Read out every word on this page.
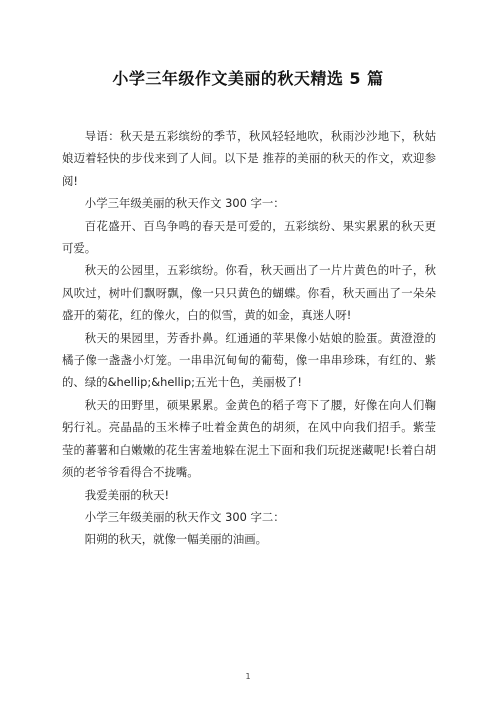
小学三年级作文美丽的秋天精选 5 篇

导语：秋天是五彩缤纷的季节，秋风轻轻地吹，秋雨沙沙地下，秋姑娘迈着轻快的步伐来到了人间。以下是 推荐的美丽的秋天的作文，欢迎参阅!

小学三年级美丽的秋天作文 300 字一：

百花盛开、百鸟争鸣的春天是可爱的，五彩缤纷、果实累累的秋天更可爱。

秋天的公园里，五彩缤纷。你看，秋天画出了一片片黄色的叶子，秋风吹过，树叶们飘呀飘，像一只只黄色的蝴蝶。你看，秋天画出了一朵朵盛开的菊花，红的像火，白的似雪，黄的如金，真迷人呀!

秋天的果园里，芳香扑鼻。红通通的苹果像小姑娘的脸蛋。黄澄澄的橘子像一盏盏小灯笼。一串串沉甸甸的葡萄，像一串串珍珠，有红的、紫的、绿的&hellip;&hellip;五光十色，美丽极了!

秋天的田野里，硕果累累。金黄色的稻子弯下了腰，好像在向人们鞠躬行礼。亮晶晶的玉米棒子吐着金黄色的胡须，在风中向我们招手。紫莹莹的蕃薯和白嫩嫩的花生害羞地躲在泥土下面和我们玩捉迷藏呢!长着白胡须的老爷爷看得合不拢嘴。

我爱美丽的秋天!

小学三年级美丽的秋天作文 300 字二：

阳朔的秋天，就像一幅美丽的油画。

1
